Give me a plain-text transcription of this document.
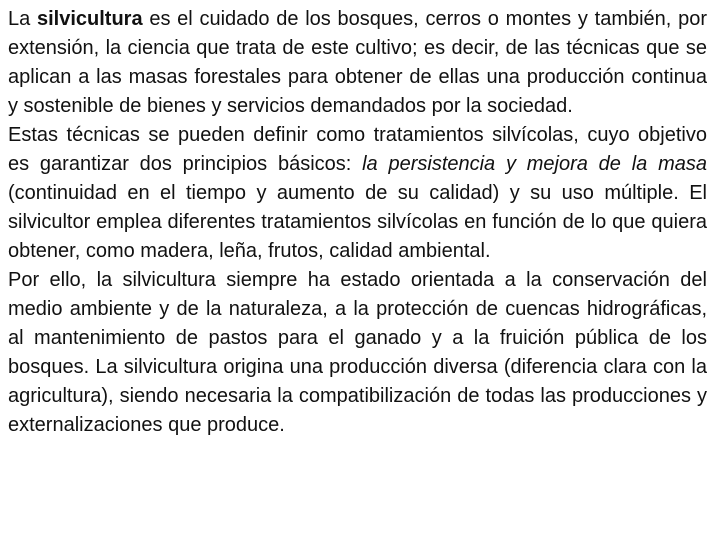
La silvicultura es el cuidado de los bosques, cerros o montes y también, por extensión, la ciencia que trata de este cultivo; es decir, de las técnicas que se aplican a las masas forestales para obtener de ellas una producción continua y sostenible de bienes y servicios demandados por la sociedad.

Estas técnicas se pueden definir como tratamientos silvícolas, cuyo objetivo es garantizar dos principios básicos: la persistencia y mejora de la masa (continuidad en el tiempo y aumento de su calidad) y su uso múltiple. El silvicultor emplea diferentes tratamientos silvícolas en función de lo que quiera obtener, como madera, leña, frutos, calidad ambiental.

Por ello, la silvicultura siempre ha estado orientada a la conservación del medio ambiente y de la naturaleza, a la protección de cuencas hidrográficas, al mantenimiento de pastos para el ganado y a la fruición pública de los bosques. La silvicultura origina una producción diversa (diferencia clara con la agricultura), siendo necesaria la compatibilización de todas las producciones y externalizaciones que produce.
